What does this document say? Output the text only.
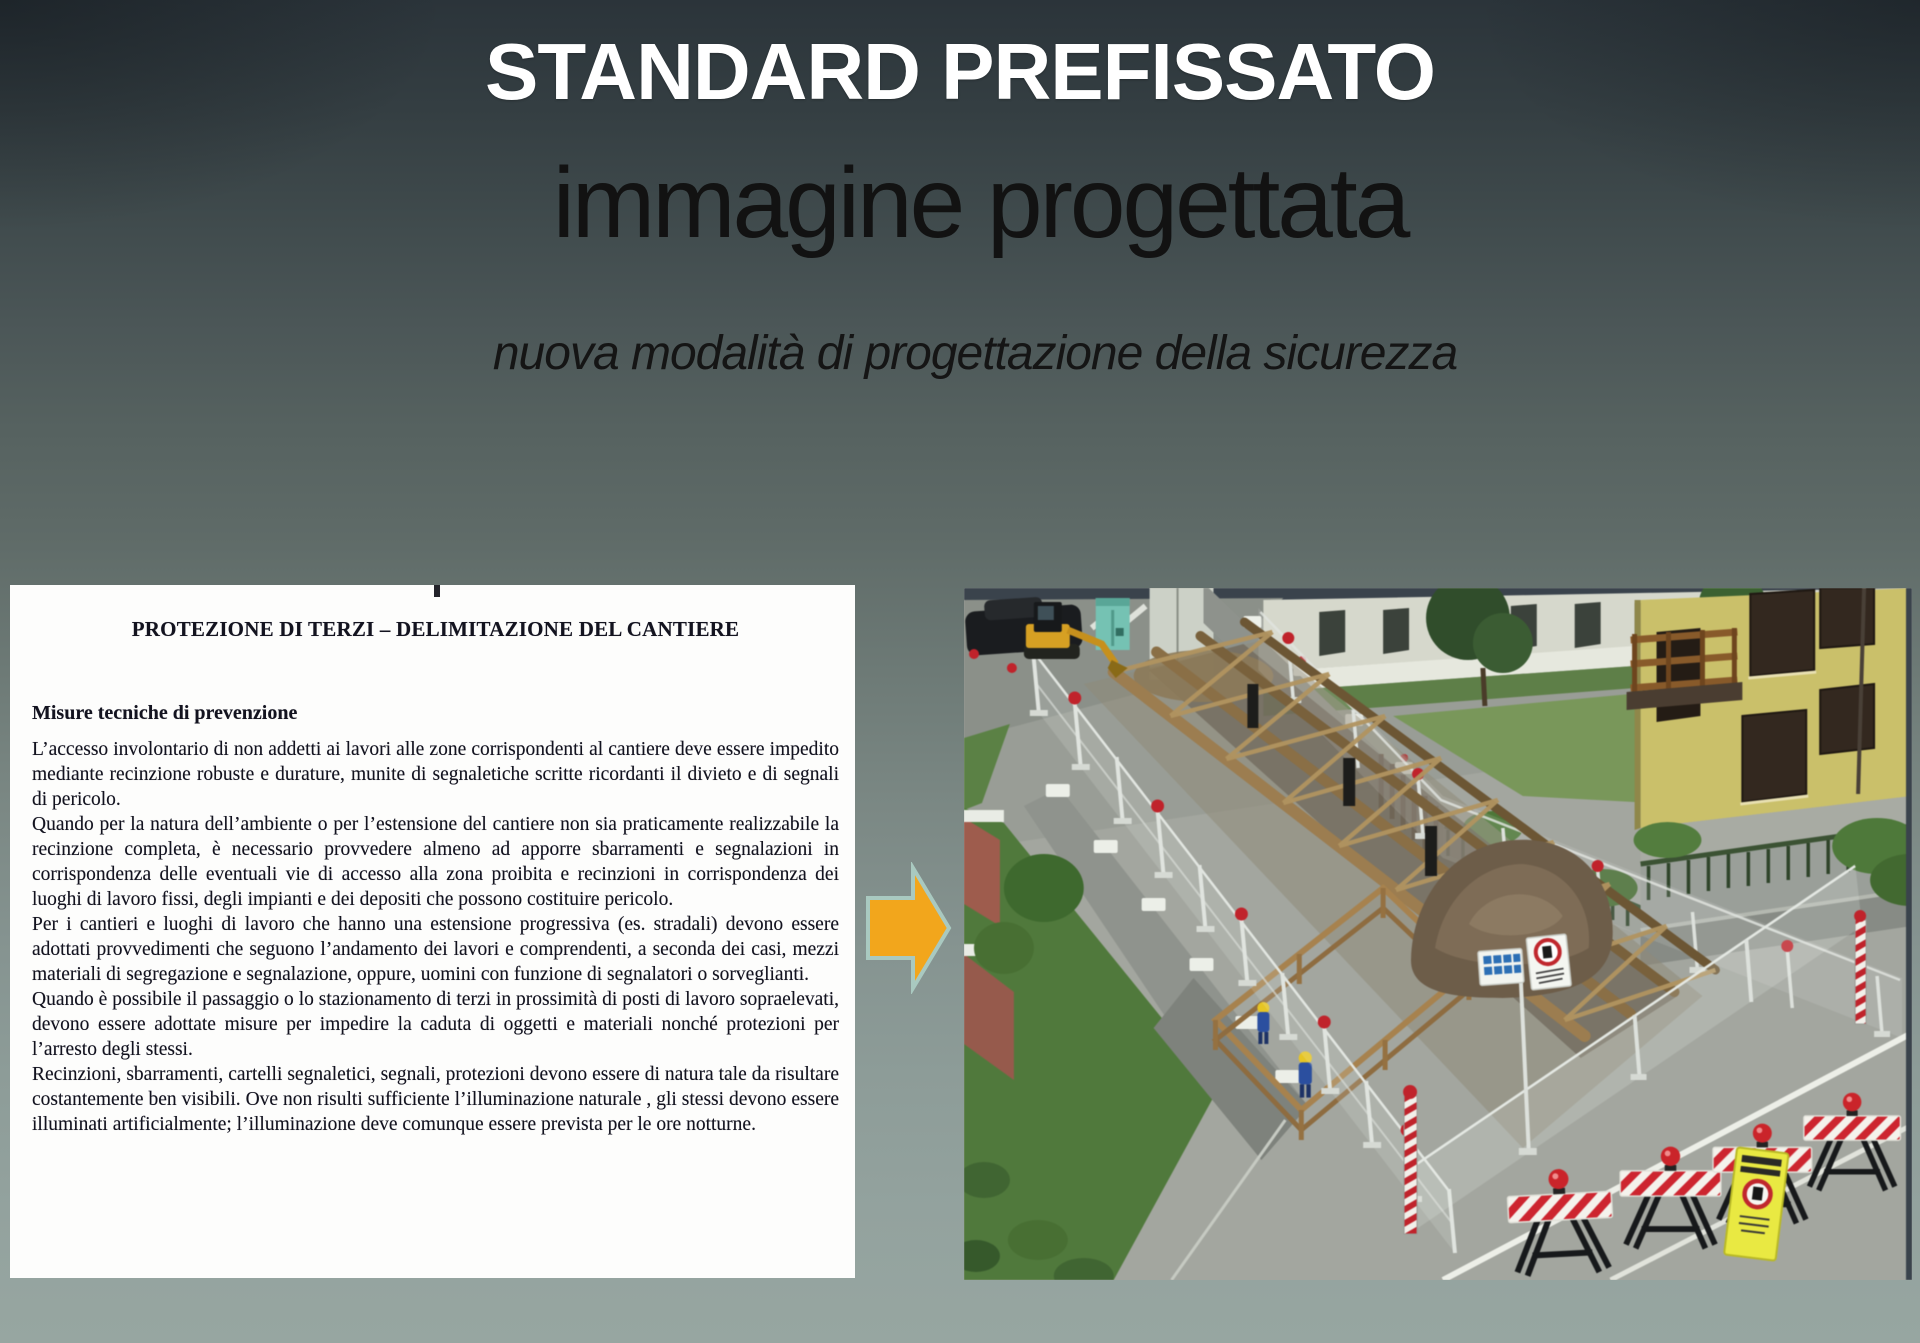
STANDARD PREFISSATO
immagine progettata
nuova modalità di progettazione della sicurezza
PROTEZIONE DI TERZI – DELIMITAZIONE DEL CANTIERE
Misure tecniche di prevenzione

L’accesso involontario di non addetti ai lavori alle zone corrispondenti al cantiere deve essere impedito mediante recinzione robuste e durature, munite di segnaletiche scritte ricordanti il divieto e di segnali di pericolo.

Quando per la natura dell’ambiente o per l’estensione del cantiere non sia praticamente realizzabile la recinzione completa, è necessario provvedere almeno ad apporre sbarramenti e segnalazioni in corrispondenza delle eventuali vie di accesso alla zona proibita e recinzioni in corrispondenza dei luoghi di lavoro fissi, degli impianti e dei depositi che possono costituire pericolo.

Per i cantieri e luoghi di lavoro che hanno una estensione progressiva (es. stradali) devono essere adottati provvedimenti che seguono l’andamento dei lavori e comprendenti, a seconda dei casi, mezzi materiali di segregazione e segnalazione, oppure, uomini con funzione di segnalatori o sorveglianti.

Quando è possibile il passaggio o lo stazionamento di terzi in prossimità di posti di lavoro sopraelevati, devono essere adottate misure per impedire la caduta di oggetti e materiali nonché protezioni per l’arresto degli stessi.

Recinzioni, sbarramenti, cartelli segnaletici, segnali, protezioni devono essere di natura tale da risultare costantemente ben visibili. Ove non risulti sufficiente l’illuminazione naturale , gli stessi devono essere illuminati artificialmente; l’illuminazione deve comunque essere prevista per le ore notturne.
